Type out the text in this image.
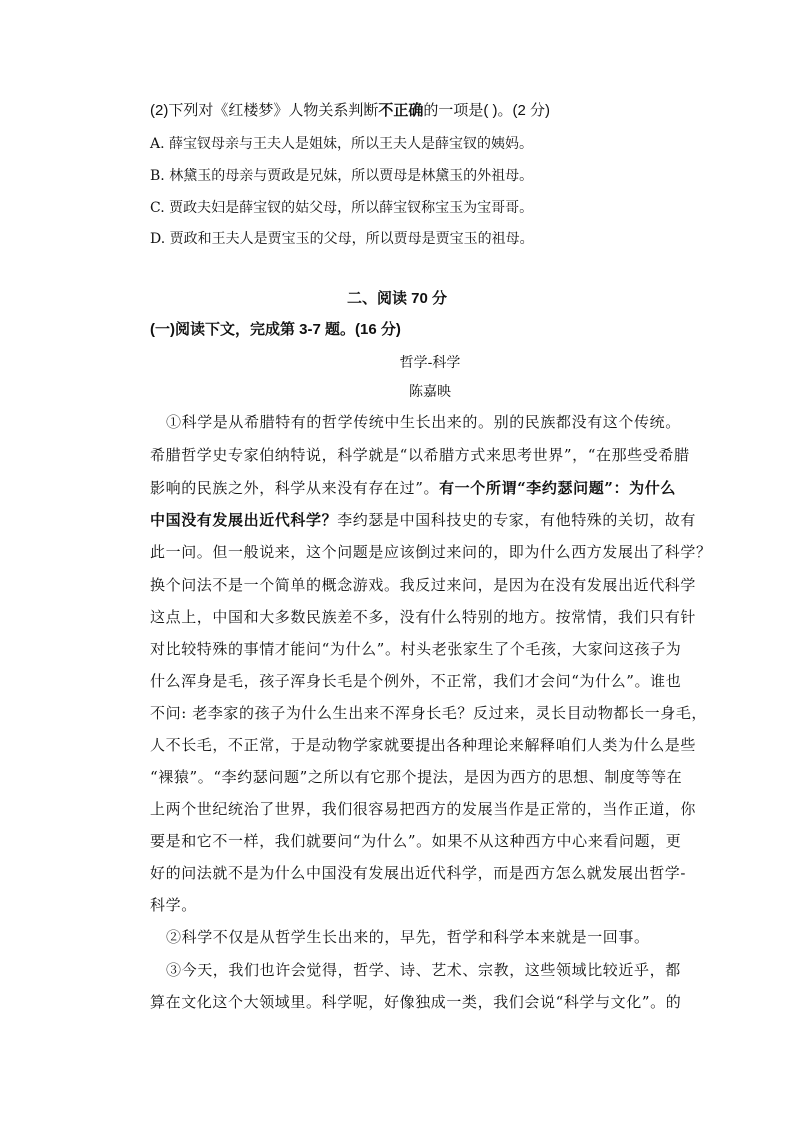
(2)下列对《红楼梦》人物关系判断不正确的一项是( )。(2 分)
A. 薛宝钗母亲与王夫人是姐妹，所以王夫人是薛宝钗的姨妈。
B. 林黛玉的母亲与贾政是兄妹，所以贾母是林黛玉的外祖母。
C. 贾政夫妇是薛宝钗的姑父母，所以薛宝钗称宝玉为宝哥哥。
D. 贾政和王夫人是贾宝玉的父母，所以贾母是贾宝玉的祖母。
二、阅读 70 分
(一)阅读下文，完成第 3-7 题。(16 分)
哲学-科学
陈嘉映
①科学是从希腊特有的哲学传统中生长出来的。别的民族都没有这个传统。
希腊哲学史专家伯纳特说，科学就是“以希腊方式来思考世界”，“在那些受希腊
影响的民族之外，科学从来没有存在过”。有一个所谓“李约瑟问题”：为什么
中国没有发展出近代科学？李约瑟是中国科技史的专家，有他特殊的关切，故有
此一问。但一般说来，这个问题是应该倒过来问的，即为什么西方发展出了科学？
换个问法不是一个简单的概念游戏。我反过来问，是因为在没有发展出近代科学
这点上，中国和大多数民族差不多，没有什么特别的地方。按常情，我们只有针
对比较特殊的事情才能问“为什么”。村头老张家生了个毛孩，大家问这孩子为
什么浑身是毛，孩子浑身长毛是个例外，不正常，我们才会问“为什么”。谁也
不问: 老李家的孩子为什么生出来不浑身长毛？反过来，灵长目动物都长一身毛，
人不长毛，不正常，于是动物学家就要提出各种理论来解释咱们人类为什么是些
“裸猿”。“李约瑟问题”之所以有它那个提法，是因为西方的思想、制度等等在
上两个世纪统治了世界，我们很容易把西方的发展当作是正常的，当作正道，你
要是和它不一样，我们就要问“为什么”。如果不从这种西方中心来看问题，更
好的问法就不是为什么中国没有发展出近代科学，而是西方怎么就发展出哲学-
科学。
②科学不仅是从哲学生长出来的，早先，哲学和科学本来就是一回事。
③今天，我们也许会觉得，哲学、诗、艺术、宗教，这些领域比较近乎，都
算在文化这个大领域里。科学呢，好像独成一类，我们会说“科学与文化”。的
